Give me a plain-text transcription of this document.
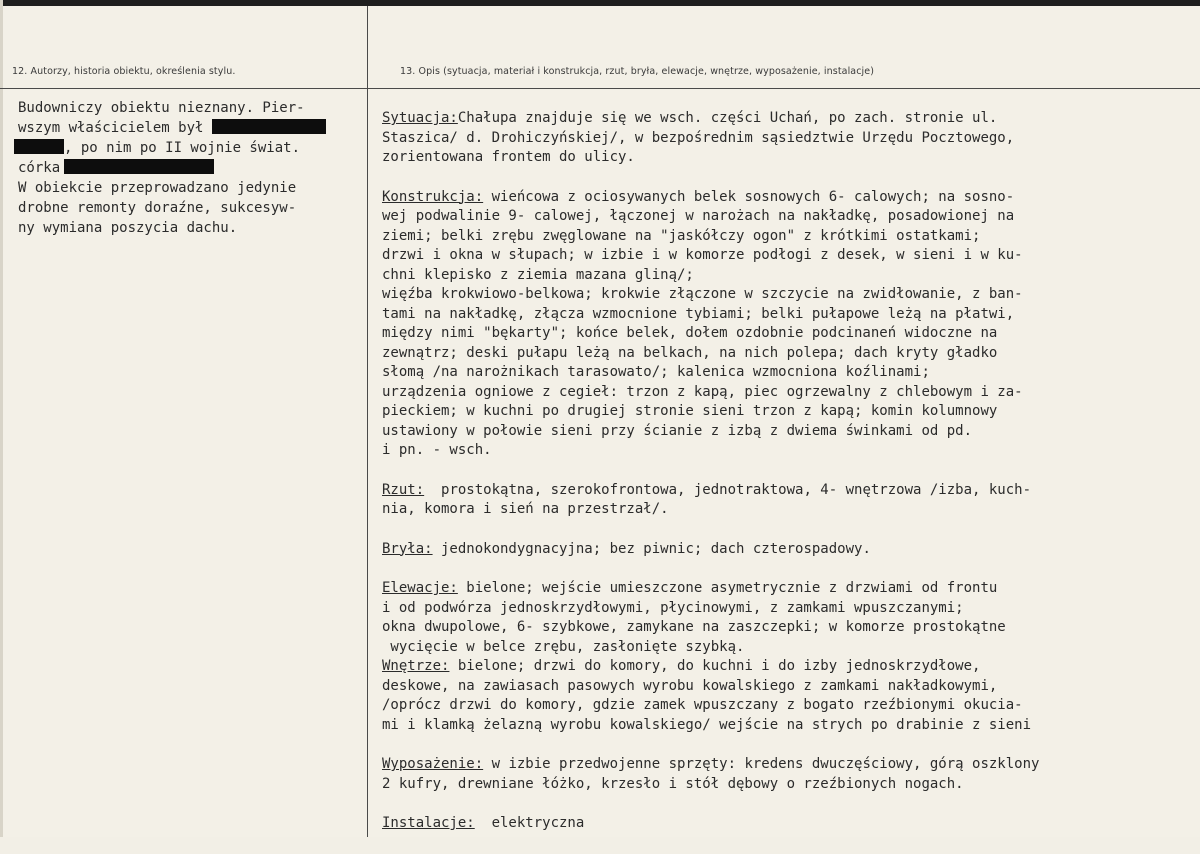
12. Autorzy, historia obiektu, określenia stylu.	13. Opis (sytuacja, materiał i konstrukcja, rzut, bryła, elewacje, wnętrze, wyposażenie, instalacje)
Budowniczy obiektu nieznany. Pier-
wszym właścicielem był
, po nim po II wojnie świat.
córka
W obiekcie przeprowadzano jedynie
drobne remonty doraźne, sukcesyw-
ny wymiana poszycia dachu.
Sytuacja:Chałupa znajduje się we wsch. części Uchań, po zach. stronie ul.
Staszica/ d. Drohiczyńskiej/, w bezpośrednim sąsiedztwie Urzędu Pocztowego,
zorientowana frontem do ulicy.
Konstrukcja: wieńcowa z ociosywanych belek sosnowych 6- calowych; na sosno-
wej podwalinie 9- calowej, łączonej w narożach na nakładkę, posadowionej na
ziemi; belki zrębu zwęglowane na "jaskółczy ogon" z krótkimi ostatkami;
drzwi i okna w słupach; w izbie i w komorze podłogi z desek, w sieni i w ku-
chni klepisko z ziemia mazana gliną/;
więźba krokwiowo-belkowa; krokwie złączone w szczycie na zwidłowanie, z ban-
tami na nakładkę, złącza wzmocnione tybiami; belki pułapowe leżą na płatwi,
między nimi "bękarty"; końce belek, dołem ozdobnie podcinaneń widoczne na
zewnątrz; deski pułapu leżą na belkach, na nich polepa; dach kryty gładko
słomą /na narożnikach tarasowato/; kalenica wzmocniona koźlinami;
urządzenia ogniowe z cegieł: trzon z kapą, piec ogrzewalny z chlebowym i za-
pieckiem; w kuchni po drugiej stronie sieni trzon z kapą; komin kolumnowy
ustawiony w połowie sieni przy ścianie z izbą z dwiema świnkami od pd.
i pn. - wsch.
Rzut:  prostokątna, szerokofrontowa, jednotraktowa, 4- wnętrzowa /izba, kuch-
nia, komora i sień na przestrzał/.
Bryła: jednokondygnacyjna; bez piwnic; dach czterospadowy.
Elewacje: bielone; wejście umieszczone asymetrycznie z drzwiami od frontu
i od podwórza jednoskrzydłowymi, płycinowymi, z zamkami wpuszczanymi;
okna dwupolowe, 6- szybkowe, zamykane na zaszczepki; w komorze prostokątne
wycięcie w belce zrębu, zasłonięte szybką.
Wnętrze: bielone; drzwi do komory, do kuchni i do izby jednoskrzydłowe,
deskowe, na zawiasach pasowych wyrobu kowalskiego z zamkami nakładkowymi,
/oprócz drzwi do komory, gdzie zamek wpuszczany z bogato rzeźbionymi okucia-
mi i klamką żelazną wyrobu kowalskiego/ wejście na strych po drabinie z sieni
Wyposażenie: w izbie przedwojenne sprzęty: kredens dwuczęściowy, górą oszklony
2 kufry, drewniane łóżko, krzesło i stół dębowy o rzeźbionych nogach.
Instalacje:  elektryczna
